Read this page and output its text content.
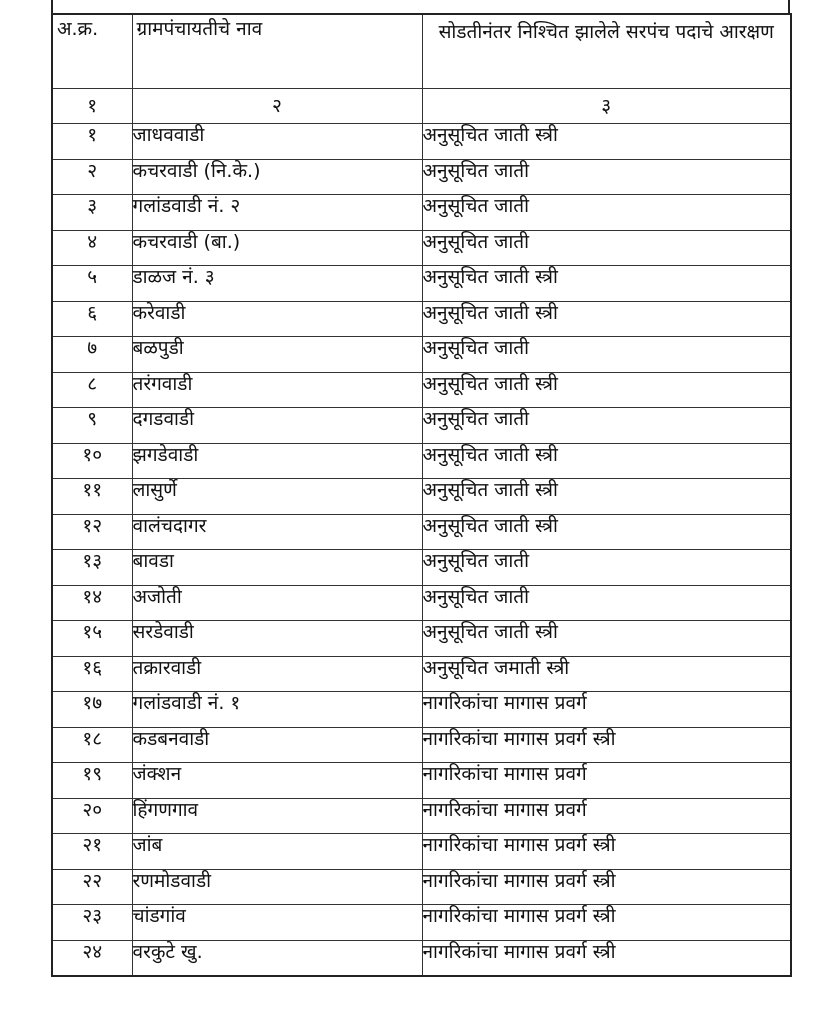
अ.क्र.	ग्रामपंचायतीचे नाव	सोडतीनंतर निश्चित झालेले सरपंच पदाचे आरक्षण
१	२	३
१	जाधववाडी	अनुसूचित जाती स्त्री
२	कचरवाडी (नि.के.)	अनुसूचित जाती
३	गलांडवाडी नं. २	अनुसूचित जाती
४	कचरवाडी (बा.)	अनुसूचित जाती
५	डाळज नं. ३	अनुसूचित जाती स्त्री
६	करेवाडी	अनुसूचित जाती स्त्री
७	बळपुडी	अनुसूचित जाती
८	तरंगवाडी	अनुसूचित जाती स्त्री
९	दगडवाडी	अनुसूचित जाती
१०	झगडेवाडी	अनुसूचित जाती स्त्री
११	लासुर्णे	अनुसूचित जाती स्त्री
१२	वालंचदागर	अनुसूचित जाती स्त्री
१३	बावडा	अनुसूचित जाती
१४	अजोती	अनुसूचित जाती
१५	सरडेवाडी	अनुसूचित जाती स्त्री
१६	तक्रारवाडी	अनुसूचित जमाती स्त्री
१७	गलांडवाडी नं. १	नागरिकांचा मागास प्रवर्ग
१८	कडबनवाडी	नागरिकांचा मागास प्रवर्ग स्त्री
१९	जंक्शन	नागरिकांचा मागास प्रवर्ग
२०	हिंगणगाव	नागरिकांचा मागास प्रवर्ग
२१	जांब	नागरिकांचा मागास प्रवर्ग स्त्री
२२	रणमोडवाडी	नागरिकांचा मागास प्रवर्ग स्त्री
२३	चांडगांव	नागरिकांचा मागास प्रवर्ग स्त्री
२४	वरकुटे खु.	नागरिकांचा मागास प्रवर्ग स्त्री
